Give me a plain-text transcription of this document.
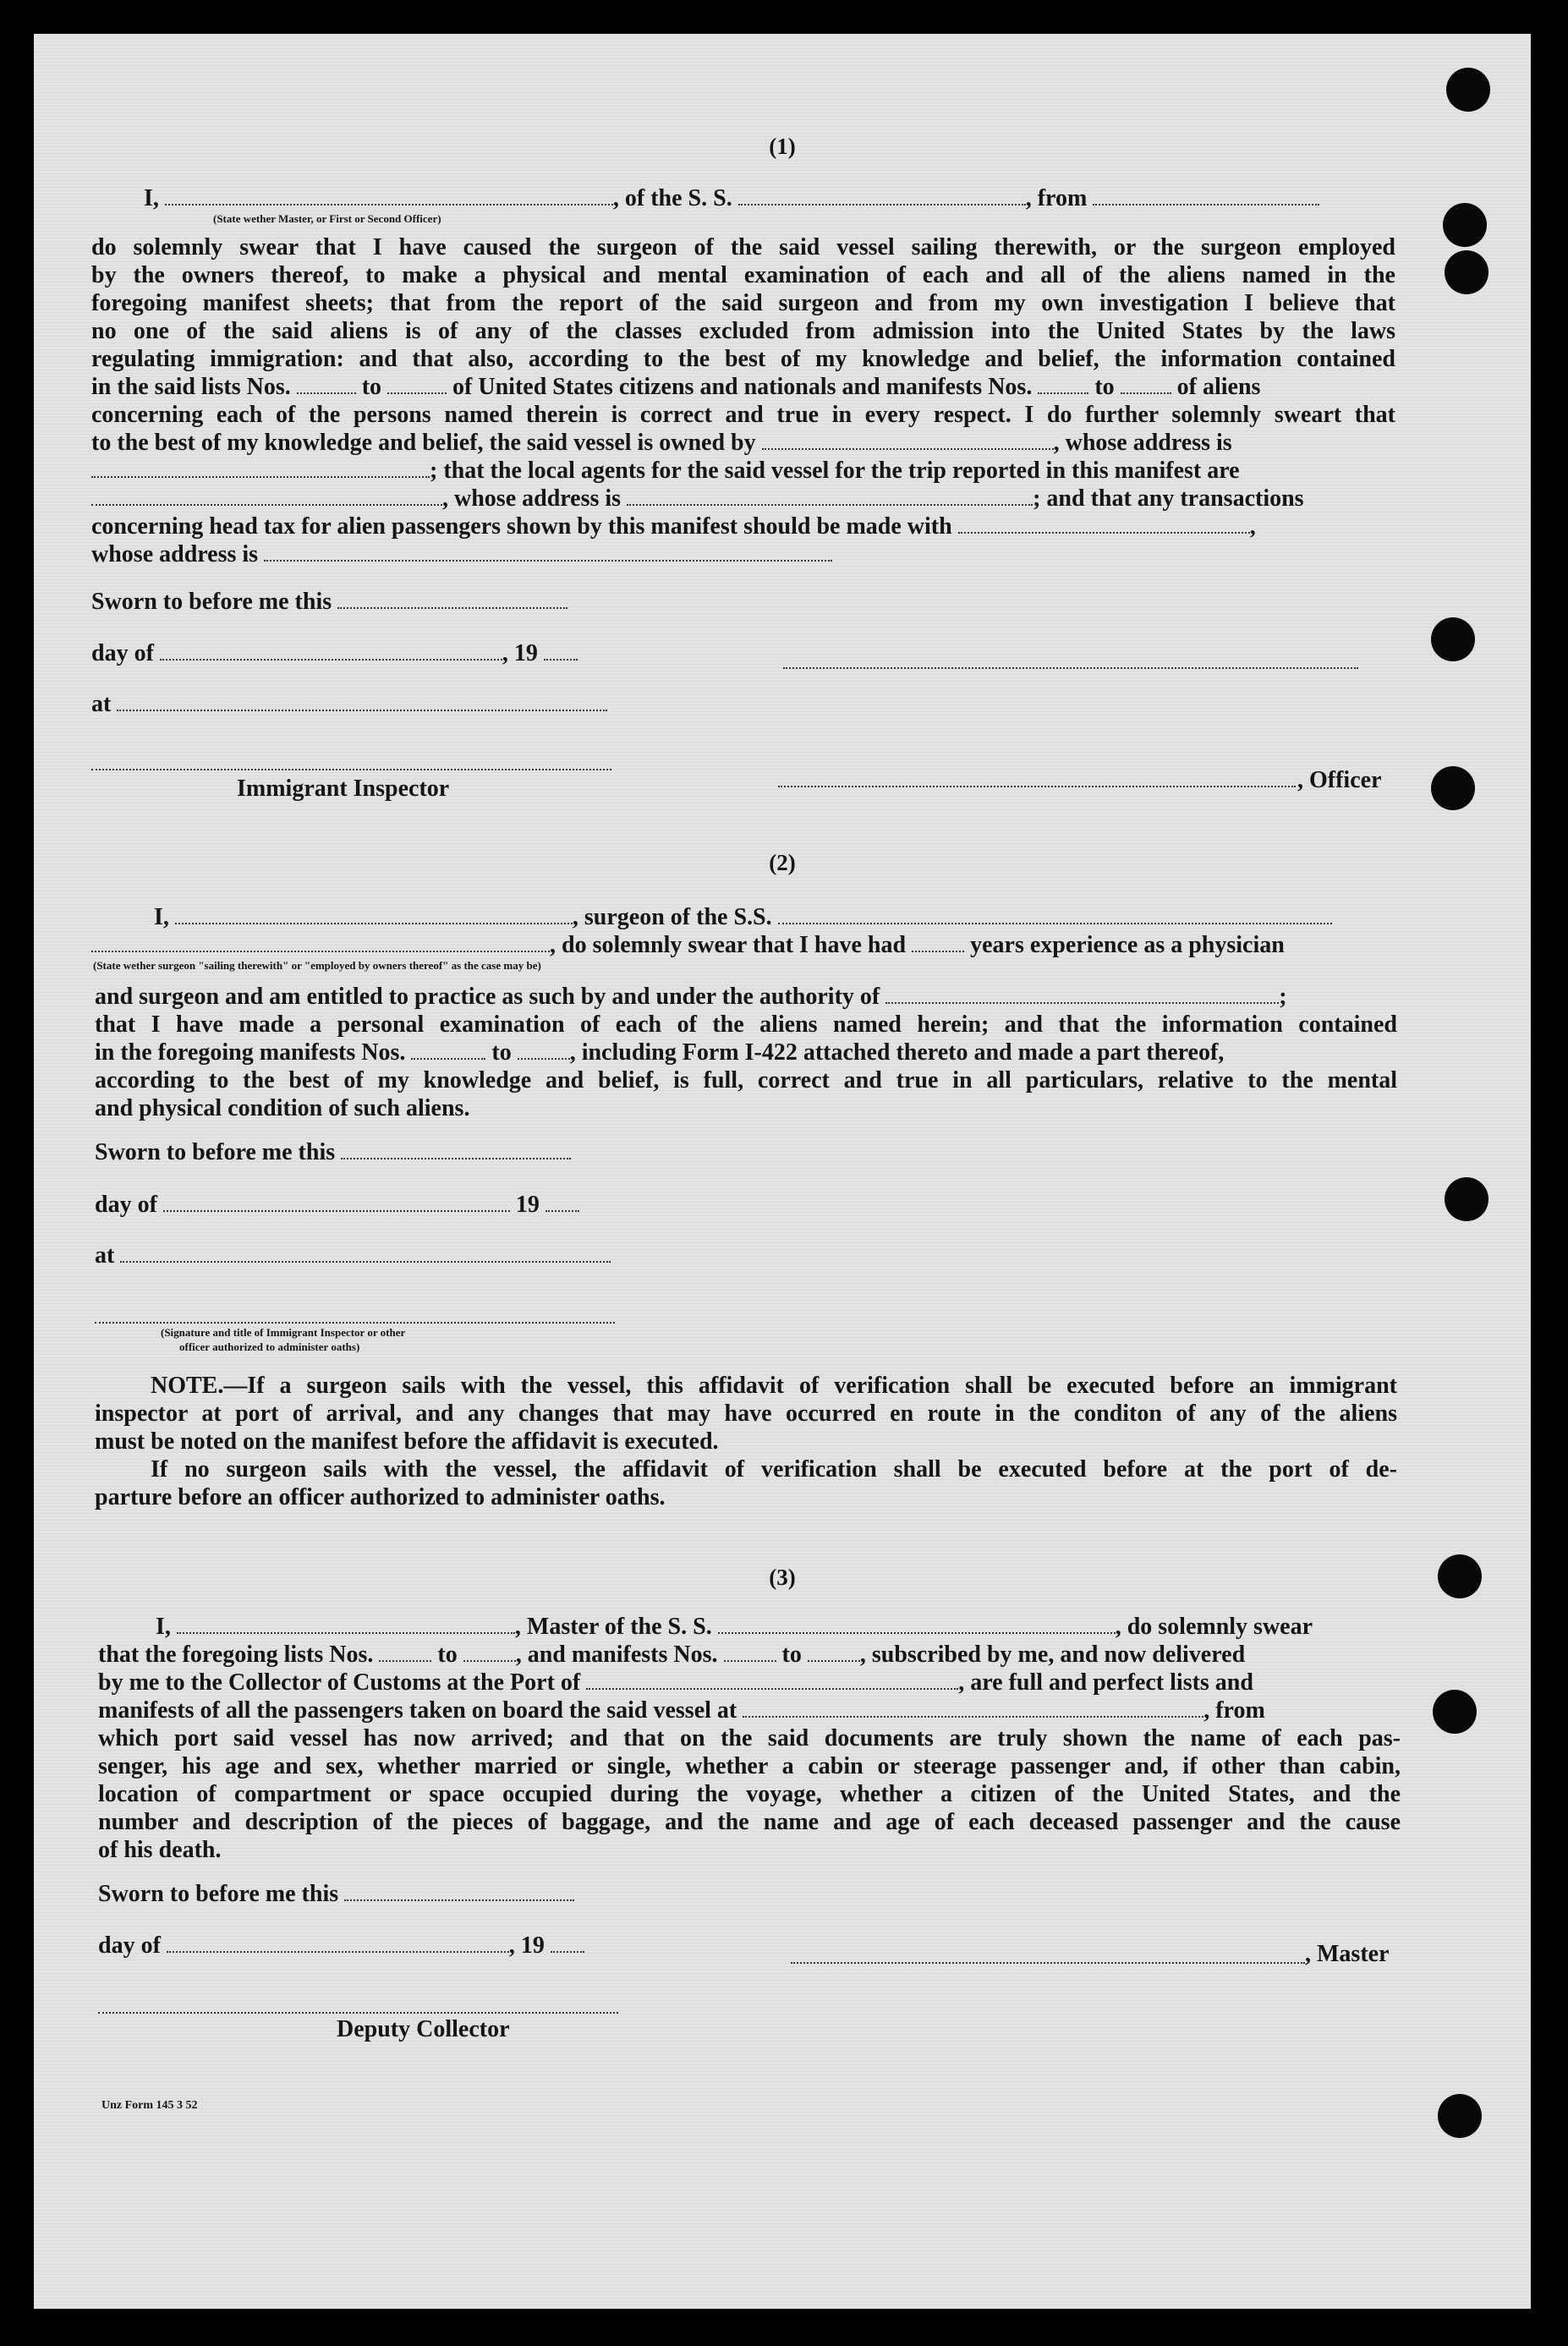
(1)
I,	, of the S. S.	, from
(State wether Master, or First or Second Officer)
do solemnly swear that I have caused the surgeon of the said vessel sailing therewith, or the surgeon employed
by the owners thereof, to make a physical and mental examination of each and all of the aliens named in the
foregoing manifest sheets; that from the report of the said surgeon and from my own investigation I believe that
no one of the said aliens is of any of the classes excluded from admission into the United States by the laws
regulating immigration: and that also, according to the best of my knowledge and belief, the information contained
in the said lists Nos.	to	of United States citizens and nationals and manifests Nos.	to	of aliens
concerning each of the persons named therein is correct and true in every respect. I do further solemnly sweart that
to the best of my knowledge and belief, the said vessel is owned by	, whose address is
; that the local agents for the said vessel for the trip reported in this manifest are
, whose address is	; and that any transactions
concerning head tax for alien passengers shown by this manifest should be made with	,
whose address is
Sworn to before me this
day of	, 19
at
Immigrant Inspector	, Officer
(2)
I,	, surgeon of the S.S.
, do solemnly swear that I have had	years experience as a physician
(State wether surgeon "sailing therewith" or "employed by owners thereof" as the case may be)
and surgeon and am entitled to practice as such by and under the authority of	;
that I have made a personal examination of each of the aliens named herein; and that the information contained
in the foregoing manifests Nos.	to , including Form I-422 attached thereto and made a part thereof,
according to the best of my knowledge and belief, is full, correct and true in all particulars, relative to the mental
and physical condition of such aliens.
Sworn to before me this
day of	19
at
(Signature and title of Immigrant Inspector or other
officer authorized to administer oaths)
NOTE.—If a surgeon sails with the vessel, this affidavit of verification shall be executed before an immigrant
inspector at port of arrival, and any changes that may have occurred en route in the conditon of any of the aliens
must be noted on the manifest before the affidavit is executed.
If no surgeon sails with the vessel, the affidavit of verification shall be executed before at the port of de-
parture before an officer authorized to administer oaths.
(3)
I,	, Master of the S. S.	, do solemnly swear
that the foregoing lists Nos.	to , and manifests Nos.	to , subscribed by me, and now delivered
by me to the Collector of Customs at the Port of	, are full and perfect lists and
manifests of all the passengers taken on board the said vessel at	, from
which port said vessel has now arrived; and that on the said documents are truly shown the name of each pas-
senger, his age and sex, whether married or single, whether a cabin or steerage passenger and, if other than cabin,
location of compartment or space occupied during the voyage, whether a citizen of the United States, and the
number and description of the pieces of baggage, and the name and age of each deceased passenger and the cause
of his death.
Sworn to before me this
day of	, 19	, Master
Deputy Collector
Unz Form 145 3 52
